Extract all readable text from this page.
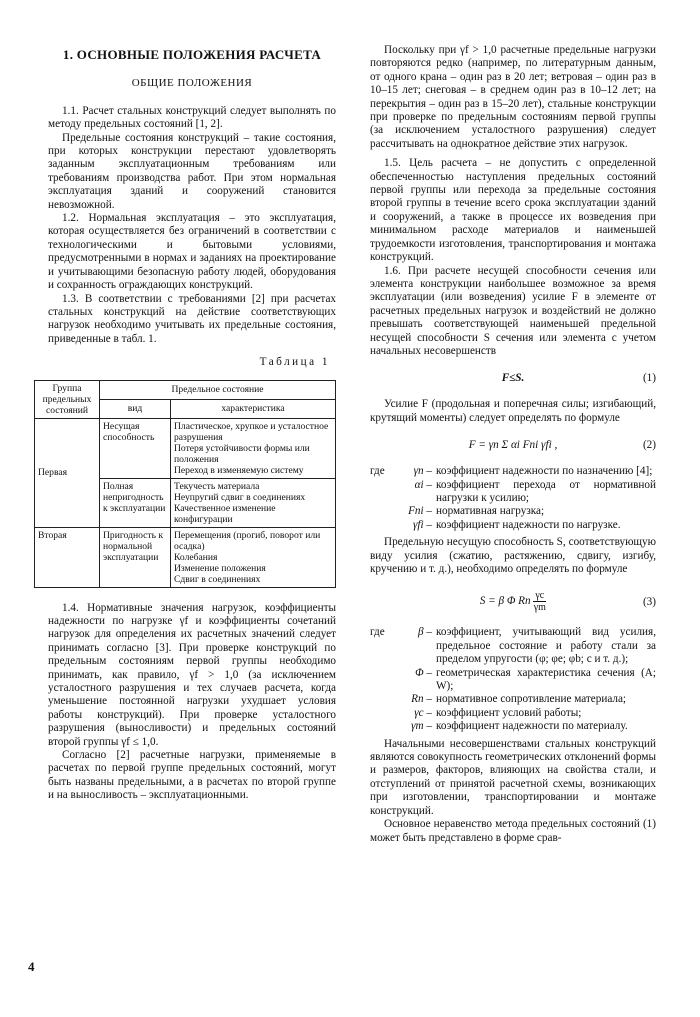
1. ОСНОВНЫЕ ПОЛОЖЕНИЯ РАСЧЕТА
ОБЩИЕ ПОЛОЖЕНИЯ

1.1. Расчет стальных конструкций следует выполнять по методу предельных состояний [1, 2].

Предельные состояния конструкций – такие состояния, при которых конструкции перестают удовлетворять заданным эксплуатационным требованиям или требованиям производства работ. При этом нормальная эксплуатация зданий и сооружений становится невозможной.

1.2. Нормальная эксплуатация – это эксплуатация, которая осуществляется без ограничений в соответствии с технологическими и бытовыми условиями, предусмотренными в нормах и заданиях на проектирование и учитывающими безопасную работу людей, оборудования и сохранность ограждающих конструкций.

1.3. В соответствии с требованиями [2] при расчетах стальных конструкций на действие соответствующих нагрузок необходимо учитывать их предельные состояния, приведенные в табл. 1.

Таблица 1
Группа предельных состояний	Предельное состояние	
	вид	характеристика
Первая	Несущая способность	Пластическое, хрупкое и усталостное разрушения
Потеря устойчивости формы или положения
Переход в изменяемую систему

	Полная непригодность к эксплуатации	Текучесть материала
Неупругий сдвиг в соединениях
Качественное изменение конфигурации

Вторая	Пригодность к нормальной эксплуатации	Перемещения (прогиб, поворот или осадка)
Колебания
Изменение положения
Сдвиг в соединениях

1.4. Нормативные значения нагрузок, коэффициенты надежности по нагрузке γf и коэффициенты сочетаний нагрузок для определения их расчетных значений следует принимать согласно [3]. При проверке конструкций по предельным состояниям первой группы необходимо принимать, как правило, γf > 1,0 (за исключением усталостного разрушения и тех случаев расчета, когда уменьшение постоянной нагрузки ухудшает условия работы конструкций). При проверке усталостного разрушения (выносливости) и предельных состояний второй группы γf ≤ 1,0.

Согласно [2] расчетные нагрузки, применяемые в расчетах по первой группе предельных состояний, могут быть названы предельными, а в расчетах по второй группе и на выносливость – эксплуатационными.

Поскольку при γf > 1,0 расчетные предельные нагрузки повторяются редко (например, по литературным данным, от одного крана – один раз в 20 лет; ветровая – один раз в 10–15 лет; снеговая – в среднем один раз в 10–12 лет; на перекрытия – один раз в 15–20 лет), стальные конструкции при проверке по предельным состояниям первой группы (за исключением усталостного разрушения) следует рассчитывать на однократное действие этих нагрузок.

1.5. Цель расчета – не допустить с определенной обеспеченностью наступления предельных состояний первой группы или перехода за предельные состояния второй группы в течение всего срока эксплуатации зданий и сооружений, а также в процессе их возведения при минимальном расходе материалов и наименьшей трудоемкости изготовления, транспортирования и монтажа конструкций.

1.6. При расчете несущей способности сечения или элемента конструкции наибольшее возможное за время эксплуатации (или возведения) усилие F в элементе от расчетных предельных нагрузок и воздействий не должно превышать соответствующей наименьшей предельной несущей способности S сечения или элемента с учетом начальных несовершенств

F≤S.	(1)

Усилие F (продольная и поперечная силы; изгибающий, крутящий моменты) следует определять по формуле

F = γn Σ αi Fni γfi ,	(2)
где	γn – коэффициент надежности по назначению [4];
αi – коэффициент перехода от нормативной нагрузки к усилию;
Fni – нормативная нагрузка;
γfi – коэффициент надежности по нагрузке.

Предельную несущую способность S, соответствующую виду усилия (сжатию, растяжению, сдвигу, изгибу, кручению и т. д.), необходимо определять по формуле

S = β Φ Rn $\frac{\gamma c}{\gamma m}$	(3)
где	β – коэффициент, учитывающий вид усилия, предельное состояние и работу стали за пределом упругости (φ; φe; φb; c и т. д.);
Φ – геометрическая характеристика сечения (A; W);
Rn – нормативное сопротивление материала;
γc – коэффициент условий работы;
γm – коэффициент надежности по материалу.

Начальными несовершенствами стальных конструкций являются совокупность геометрических отклонений формы и размеров, факторов, влияющих на свойства стали, и отступлений от принятой расчетной схемы, возникающих при изготовлении, транспортировании и монтаже конструкций.

Основное неравенство метода предельных состояний (1) может быть представлено в форме срав-

4
